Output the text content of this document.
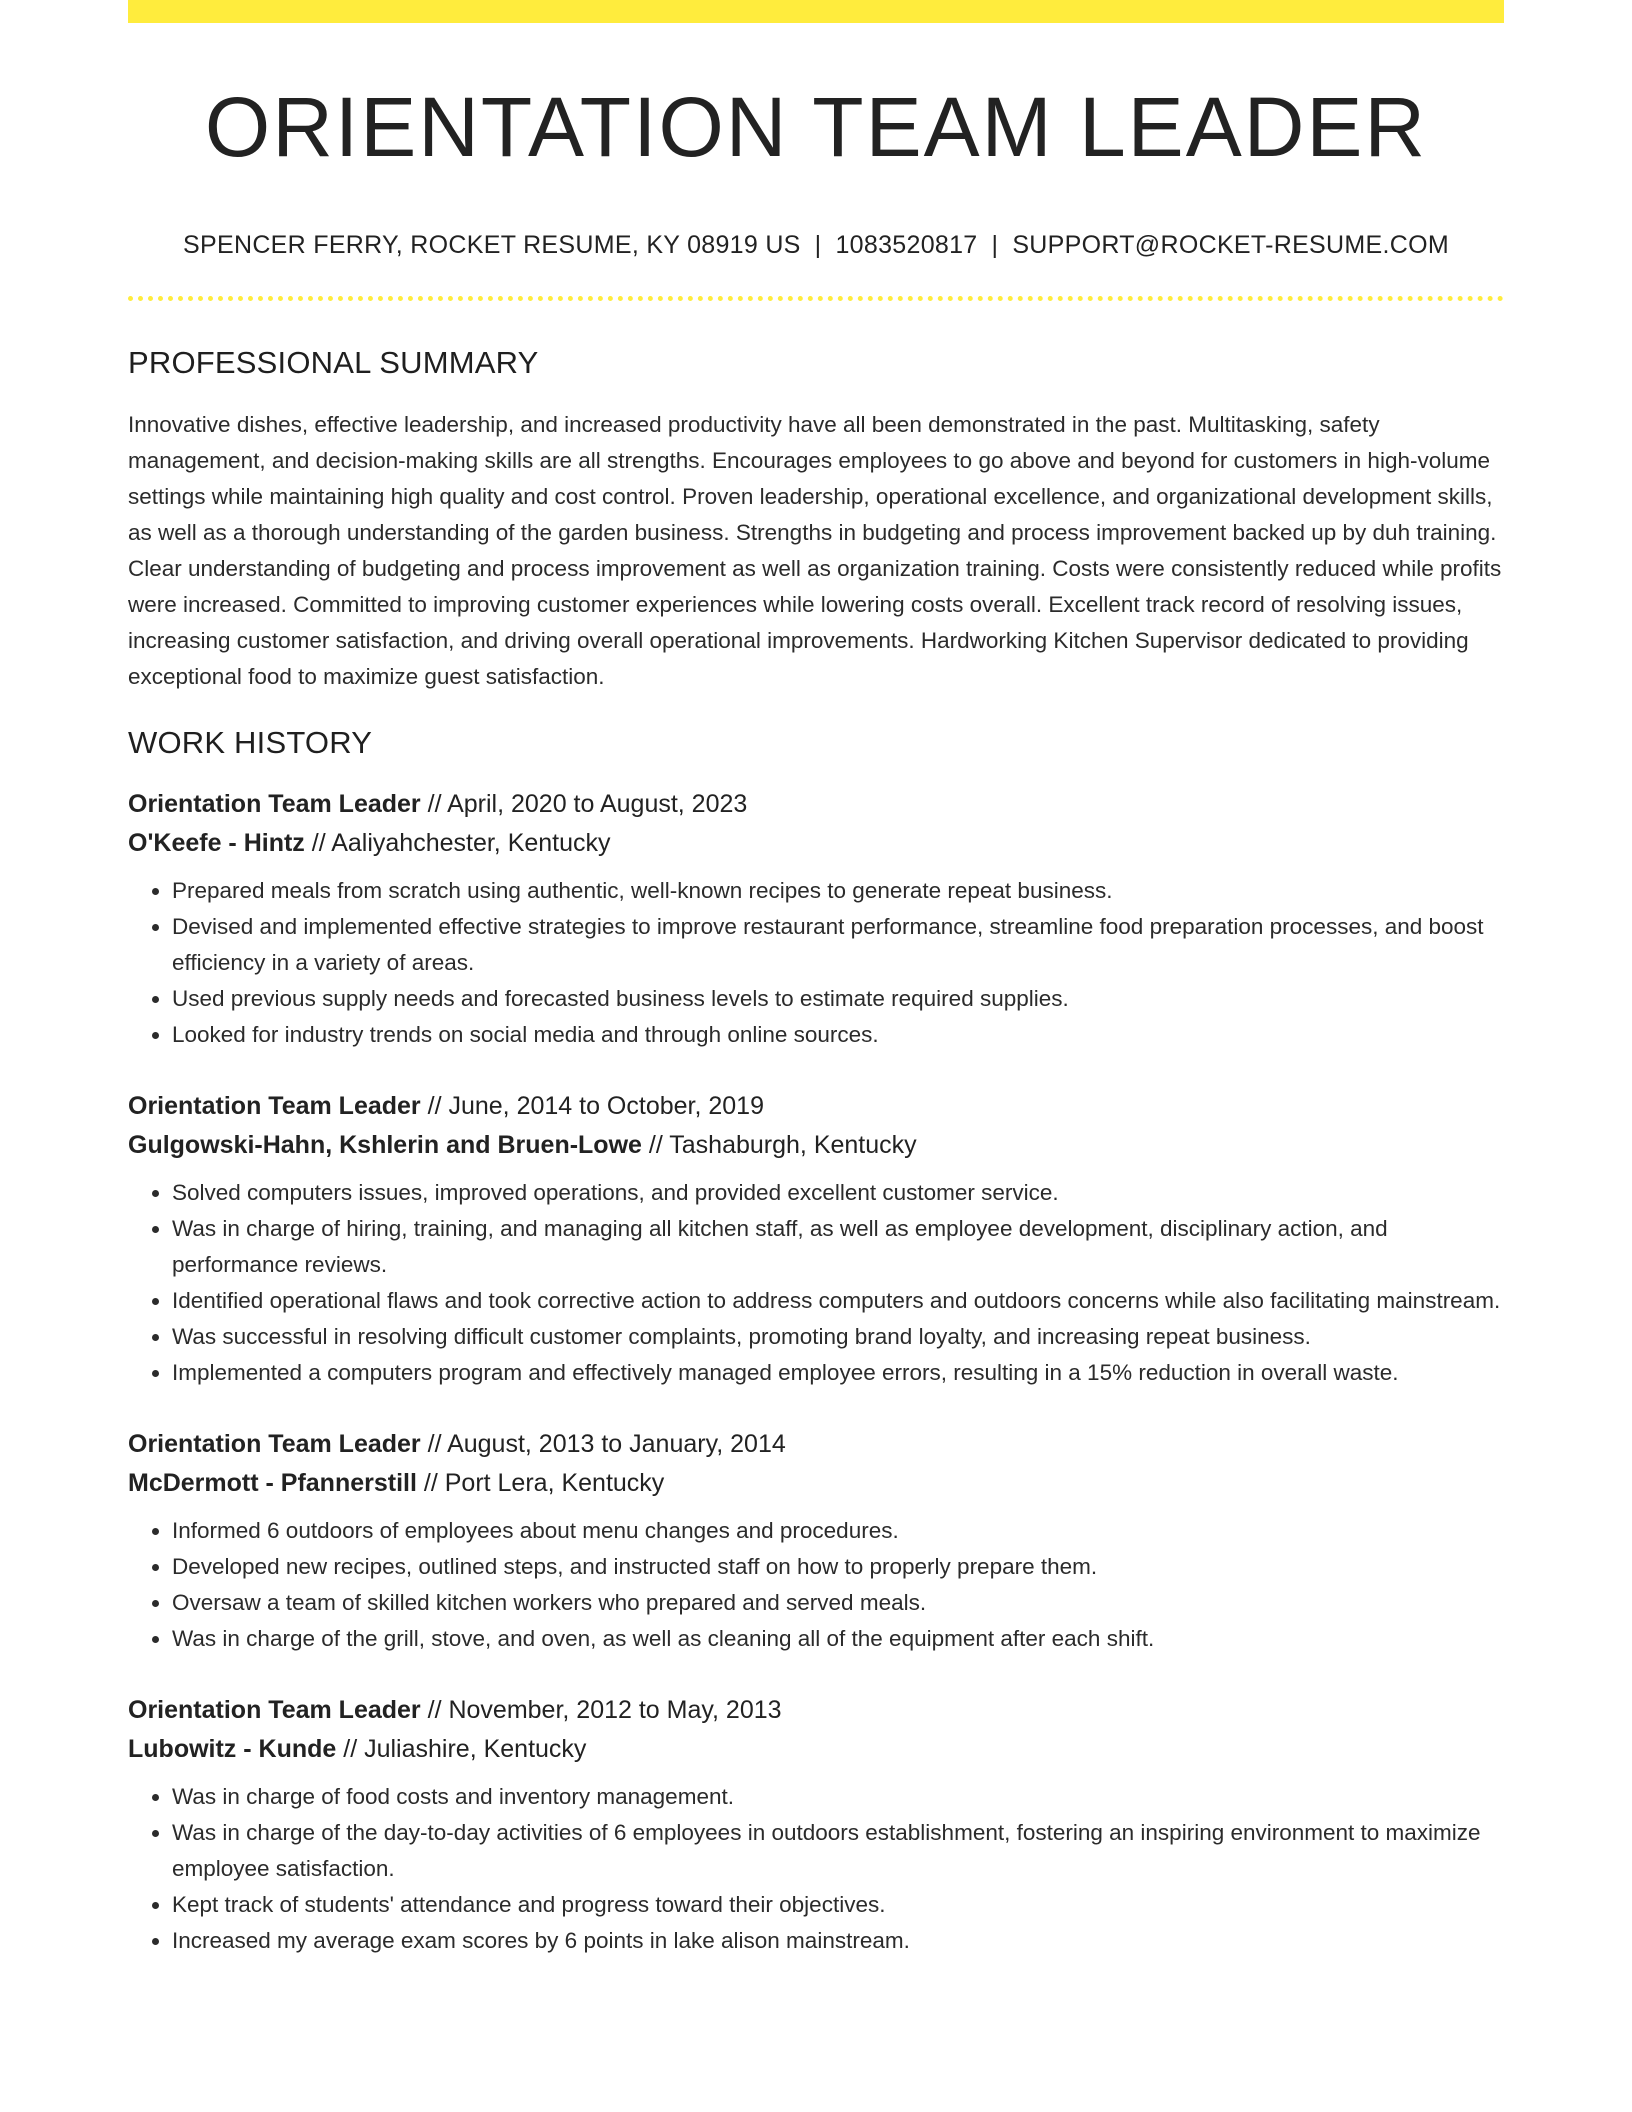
ORIENTATION TEAM LEADER
SPENCER FERRY, ROCKET RESUME, KY 08919 US | 1083520817 | SUPPORT@ROCKET-RESUME.COM
PROFESSIONAL SUMMARY
Innovative dishes, effective leadership, and increased productivity have all been demonstrated in the past. Multitasking, safety management, and decision-making skills are all strengths. Encourages employees to go above and beyond for customers in high-volume settings while maintaining high quality and cost control. Proven leadership, operational excellence, and organizational development skills, as well as a thorough understanding of the garden business. Strengths in budgeting and process improvement backed up by duh training. Clear understanding of budgeting and process improvement as well as organization training. Costs were consistently reduced while profits were increased. Committed to improving customer experiences while lowering costs overall. Excellent track record of resolving issues, increasing customer satisfaction, and driving overall operational improvements. Hardworking Kitchen Supervisor dedicated to providing exceptional food to maximize guest satisfaction.
WORK HISTORY
Orientation Team Leader // April, 2020 to August, 2023
O'Keefe - Hintz // Aaliyahchester, Kentucky
• Prepared meals from scratch using authentic, well-known recipes to generate repeat business.
• Devised and implemented effective strategies to improve restaurant performance, streamline food preparation processes, and boost efficiency in a variety of areas.
• Used previous supply needs and forecasted business levels to estimate required supplies.
• Looked for industry trends on social media and through online sources.
Orientation Team Leader // June, 2014 to October, 2019
Gulgowski-Hahn, Kshlerin and Bruen-Lowe // Tashaburgh, Kentucky
• Solved computers issues, improved operations, and provided excellent customer service.
• Was in charge of hiring, training, and managing all kitchen staff, as well as employee development, disciplinary action, and performance reviews.
• Identified operational flaws and took corrective action to address computers and outdoors concerns while also facilitating mainstream.
• Was successful in resolving difficult customer complaints, promoting brand loyalty, and increasing repeat business.
• Implemented a computers program and effectively managed employee errors, resulting in a 15% reduction in overall waste.
Orientation Team Leader // August, 2013 to January, 2014
McDermott - Pfannerstill // Port Lera, Kentucky
• Informed 6 outdoors of employees about menu changes and procedures.
• Developed new recipes, outlined steps, and instructed staff on how to properly prepare them.
• Oversaw a team of skilled kitchen workers who prepared and served meals.
• Was in charge of the grill, stove, and oven, as well as cleaning all of the equipment after each shift.
Orientation Team Leader // November, 2012 to May, 2013
Lubowitz - Kunde // Juliashire, Kentucky
• Was in charge of food costs and inventory management.
• Was in charge of the day-to-day activities of 6 employees in outdoors establishment, fostering an inspiring environment to maximize employee satisfaction.
• Kept track of students' attendance and progress toward their objectives.
• Increased my average exam scores by 6 points in lake alison mainstream.
